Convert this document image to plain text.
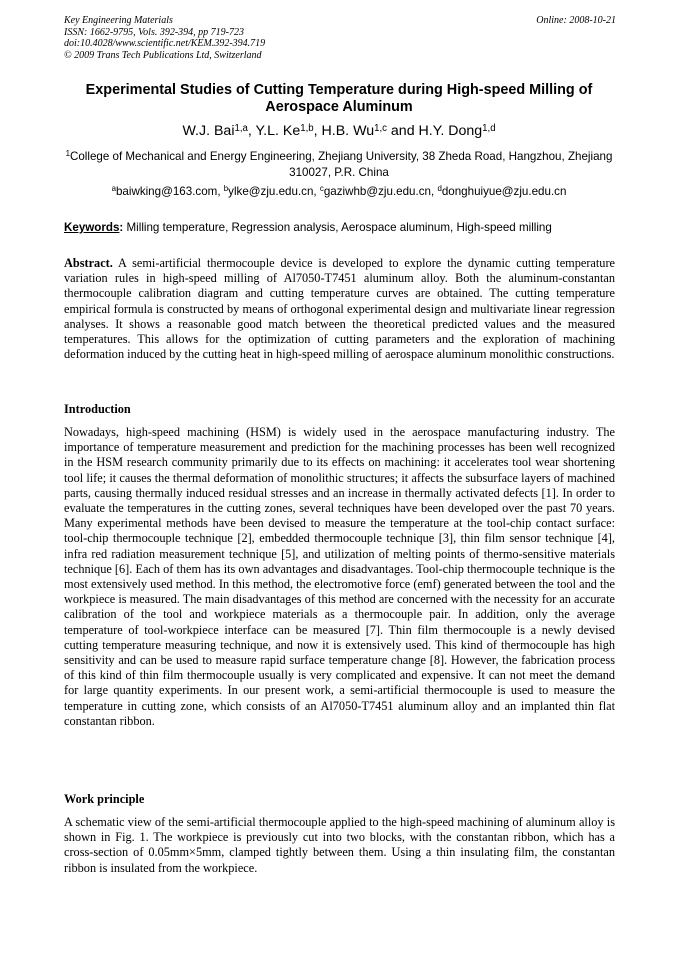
Key Engineering Materials
ISSN: 1662-9795, Vols. 392-394, pp 719-723
doi:10.4028/www.scientific.net/KEM.392-394.719
© 2009 Trans Tech Publications Ltd, Switzerland
Online: 2008-10-21
Experimental Studies of Cutting Temperature during High-speed Milling of Aerospace Aluminum
W.J. Bai$^{1,a}$, Y.L. Ke$^{1,b}$, H.B. Wu$^{1,c}$ and H.Y. Dong$^{1,d}$
$^1$College of Mechanical and Energy Engineering, Zhejiang University, 38 Zheda Road, Hangzhou, Zhejiang 310027, P.R. China
$^a$baiwking@163.com, $^b$ylke@zju.edu.cn, $^c$gaziwhb@zju.edu.cn, $^d$donghuiyue@zju.edu.cn
Keywords: Milling temperature, Regression analysis, Aerospace aluminum, High-speed milling

Abstract. A semi-artificial thermocouple device is developed to explore the dynamic cutting temperature variation rules in high-speed milling of Al7050-T7451 aluminum alloy. Both the aluminum-constantan thermocouple calibration diagram and cutting temperature curves are obtained. The cutting temperature empirical formula is constructed by means of orthogonal experimental design and multivariate linear regression analyses. It shows a reasonable good match between the theoretical predicted values and the measured temperatures. This allows for the optimization of cutting parameters and the exploration of machining deformation induced by the cutting heat in high-speed milling of aerospace aluminum monolithic constructions.

Introduction

Nowadays, high-speed machining (HSM) is widely used in the aerospace manufacturing industry. The importance of temperature measurement and prediction for the machining processes has been well recognized in the HSM research community primarily due to its effects on machining: it accelerates tool wear shortening tool life; it causes the thermal deformation of monolithic structures; it affects the subsurface layers of machined parts, causing thermally induced residual stresses and an increase in thermally activated defects [1]. In order to evaluate the temperatures in the cutting zones, several techniques have been developed over the past 70 years. Many experimental methods have been devised to measure the temperature at the tool-chip contact surface: tool-chip thermocouple technique [2], embedded thermocouple technique [3], thin film sensor technique [4], infra red radiation measurement technique [5], and utilization of melting points of thermo-sensitive materials technique [6]. Each of them has its own advantages and disadvantages. Tool-chip thermocouple technique is the most extensively used method. In this method, the electromotive force (emf) generated between the tool and the workpiece is measured. The main disadvantages of this method are concerned with the necessity for an accurate calibration of the tool and workpiece materials as a thermocouple pair. In addition, only the average temperature of tool-workpiece interface can be measured [7]. Thin film thermocouple is a newly devised cutting temperature measuring technique, and now it is extensively used. This kind of thermocouple has high sensitivity and can be used to measure rapid surface temperature change [8]. However, the fabrication process of this kind of thin film thermocouple usually is very complicated and expensive. It can not meet the demand for large quantity experiments. In our present work, a semi-artificial thermocouple is used to measure the temperature in cutting zone, which consists of an Al7050-T7451 aluminum alloy and an implanted thin flat constantan ribbon.

Work principle

A schematic view of the semi-artificial thermocouple applied to the high-speed machining of aluminum alloy is shown in Fig. 1. The workpiece is previously cut into two blocks, with the constantan ribbon, which has a cross-section of 0.05mm×5mm, clamped tightly between them. Using a thin insulating film, the constantan ribbon is insulated from the workpiece.
